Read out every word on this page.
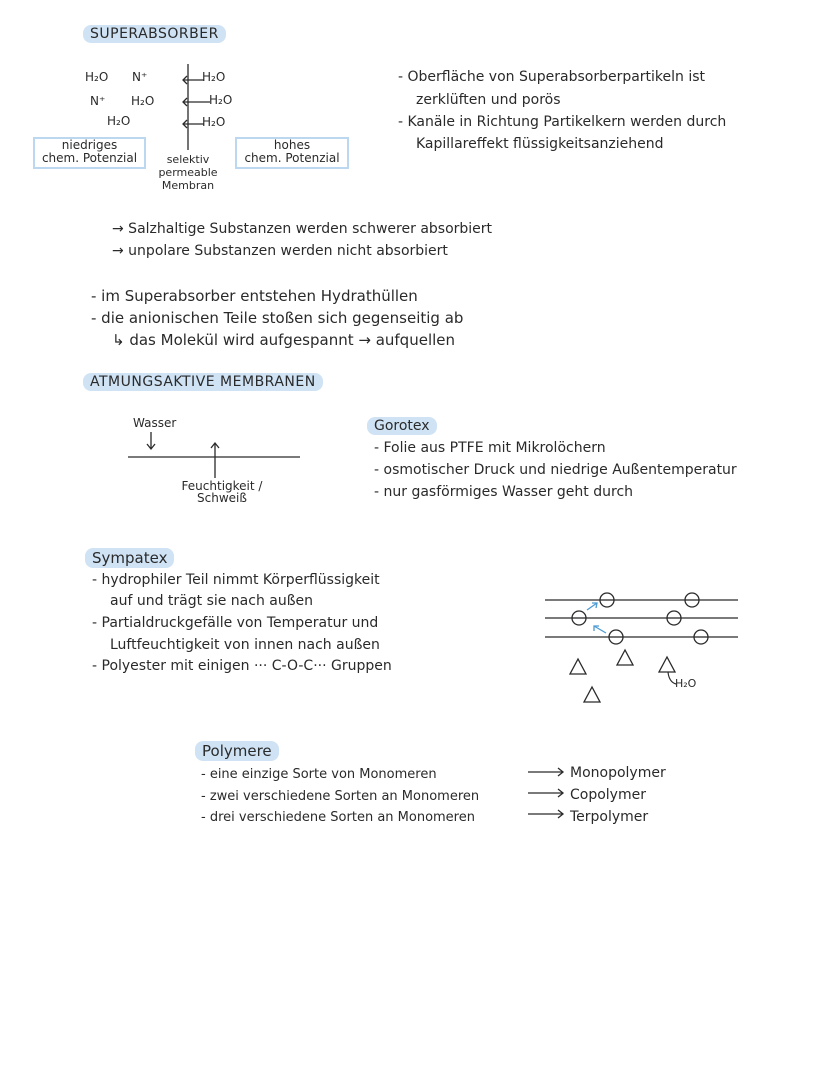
SUPERABSORBER
H₂O N⁺
N⁺ H₂O
H₂O
H₂O
H₂O
H₂O
niedriges
chem. Potenzial	selektiv
permeable
Membran
hohes
chem. Potenzial
- Oberfläche von Superabsorberpartikeln ist
zerklüften und porös
- Kanäle in Richtung Partikelkern werden durch
Kapillareffekt flüssigkeitsanziehend
→ Salzhaltige Substanzen werden schwerer absorbiert
→ unpolare Substanzen werden nicht absorbiert
- im Superabsorber entstehen Hydrathüllen
- die anionischen Teile stoßen sich gegenseitig ab
↳ das Molekül wird aufgespannt → aufquellen
ATMUNGSAKTIVE MEMBRANEN
Wasser
Feuchtigkeit /
Schweiß
Gorotex
- Folie aus PTFE mit Mikrolöchern
- osmotischer Druck und niedrige Außentemperatur
- nur gasförmiges Wasser geht durch
Sympatex
- hydrophiler Teil nimmt Körperflüssigkeit
auf und trägt sie nach außen
- Partialdruckgefälle von Temperatur und
Luftfeuchtigkeit von innen nach außen
- Polyester mit einigen ··· C-O-C··· Gruppen
H₂O
Polymere
- eine einzige Sorte von Monomeren
- zwei verschiedene Sorten an Monomeren
- drei verschiedene Sorten an Monomeren
Monopolymer
Copolymer
Terpolymer
